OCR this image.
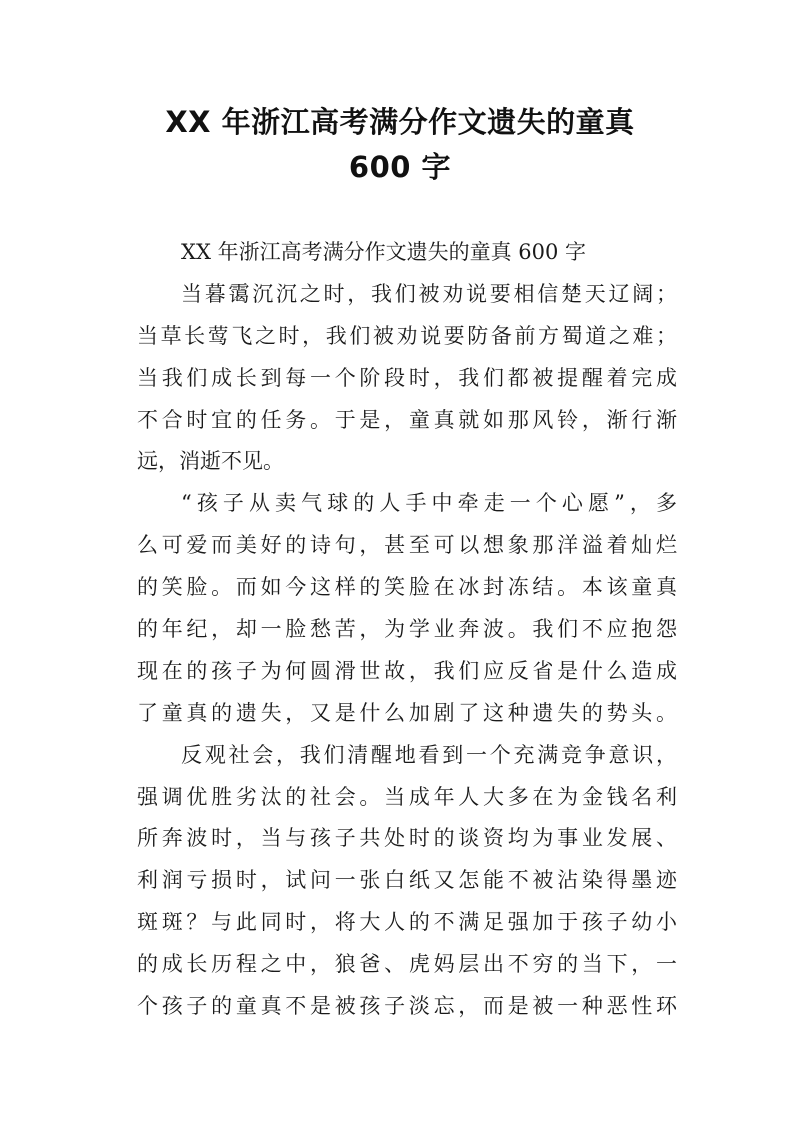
XX 年浙江高考满分作文遗失的童真
600 字
XX 年浙江高考满分作文遗失的童真 600 字
当暮霭沉沉之时，我们被劝说要相信楚天辽阔；
当草长莺飞之时，我们被劝说要防备前方蜀道之难；
当我们成长到每一个阶段时，我们都被提醒着完成
不合时宜的任务。于是，童真就如那风铃，渐行渐
远，消逝不见。
“孩子从卖气球的人手中牵走一个心愿”，多
么可爱而美好的诗句，甚至可以想象那洋溢着灿烂
的笑脸。而如今这样的笑脸在冰封冻结。本该童真
的年纪，却一脸愁苦，为学业奔波。我们不应抱怨
现在的孩子为何圆滑世故，我们应反省是什么造成
了童真的遗失，又是什么加剧了这种遗失的势头。
反观社会，我们清醒地看到一个充满竞争意识，
强调优胜劣汰的社会。当成年人大多在为金钱名利
所奔波时，当与孩子共处时的谈资均为事业发展、
利润亏损时，试问一张白纸又怎能不被沾染得墨迹
斑斑？与此同时，将大人的不满足强加于孩子幼小
的成长历程之中，狼爸、虎妈层出不穷的当下，一
个孩子的童真不是被孩子淡忘，而是被一种恶性环
